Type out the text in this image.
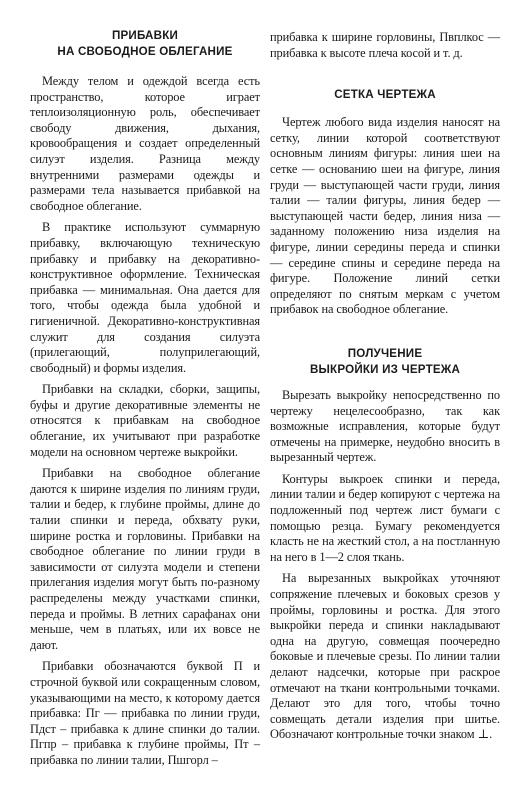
ПРИБАВКИ
НА СВОБОДНОЕ ОБЛЕГАНИЕ

Между телом и одеждой всегда есть пространство, которое играет теплоизоляционную роль, обеспечивает свободу движения, дыхания, кровообращения и создает определенный силуэт изделия. Разница между внутренними размерами одежды и размерами тела называется прибавкой на свободное облегание.

В практике используют суммарную прибавку, включающую техническую прибавку и прибавку на декоративно-конструктивное оформление. Техническая прибавка — минимальная. Она дается для того, чтобы одежда была удобной и гигиеничной. Декоративно-конструктивная служит для создания силуэта (прилегающий, полуприлегающий, свободный) и формы изделия.

Прибавки на складки, сборки, защипы, буфы и другие декоративные элементы не относятся к прибавкам на свободное облегание, их учитывают при разработке модели на основном чертеже выкройки.

Прибавки на свободное облегание даются к ширине изделия по линиям груди, талии и бедер, к глубине проймы, длине до талии спинки и переда, обхвату руки, ширине ростка и горловины. Прибавки на свободное облегание по линии груди в зависимости от силуэта модели и степени прилегания изделия могут быть по-разному распределены между участками спинки, переда и проймы. В летних сарафанах они меньше, чем в платьях, или их вовсе не дают.

Прибавки обозначаются буквой П и строчной буквой или сокращенным словом, указывающими на место, к которому дается прибавка: Пг — прибавка по линии груди, Пдст – прибавка к длине спинки до талии. Пгпр – прибавка к глубине проймы, Пт – прибавка по линии талии, Пшгорл –

прибавка к ширине горловины, Пвплкос — прибавка к высоте плеча косой и т. д.

СЕТКА ЧЕРТЕЖА

Чертеж любого вида изделия наносят на сетку, линии которой соответствуют основным линиям фигуры: линия шеи на сетке — основанию шеи на фигуре, линия груди — выступающей части груди, линия талии — талии фигуры, линия бедер — выступающей части бедер, линия низа — заданному положению низа изделия на фигуре, линии середины переда и спинки — середине спины и середине переда на фигуре. Положение линий сетки определяют по снятым меркам с учетом прибавок на свободное облегание.

ПОЛУЧЕНИЕ
ВЫКРОЙКИ ИЗ ЧЕРТЕЖА

Вырезать выкройку непосредственно по чертежу нецелесообразно, так как возможные исправления, которые будут отмечены на примерке, неудобно вносить в вырезанный чертеж.

Контуры выкроек спинки и переда, линии талии и бедер копируют с чертежа на подложенный под чертеж лист бумаги с помощью резца. Бумагу рекомендуется класть не на жесткий стол, а на постланную на него в 1—2 слоя ткань.

На вырезанных выкройках уточняют сопряжение плечевых и боковых срезов у проймы, горловины и ростка. Для этого выкройки переда и спинки накладывают одна на другую, совмещая поочередно боковые и плечевые срезы. По линии талии делают надсечки, которые при раскрое отмечают на ткани контрольными точками. Делают это для того, чтобы точно совмещать детали изделия при шитье. Обозначают контрольные точки знаком ⊥.
